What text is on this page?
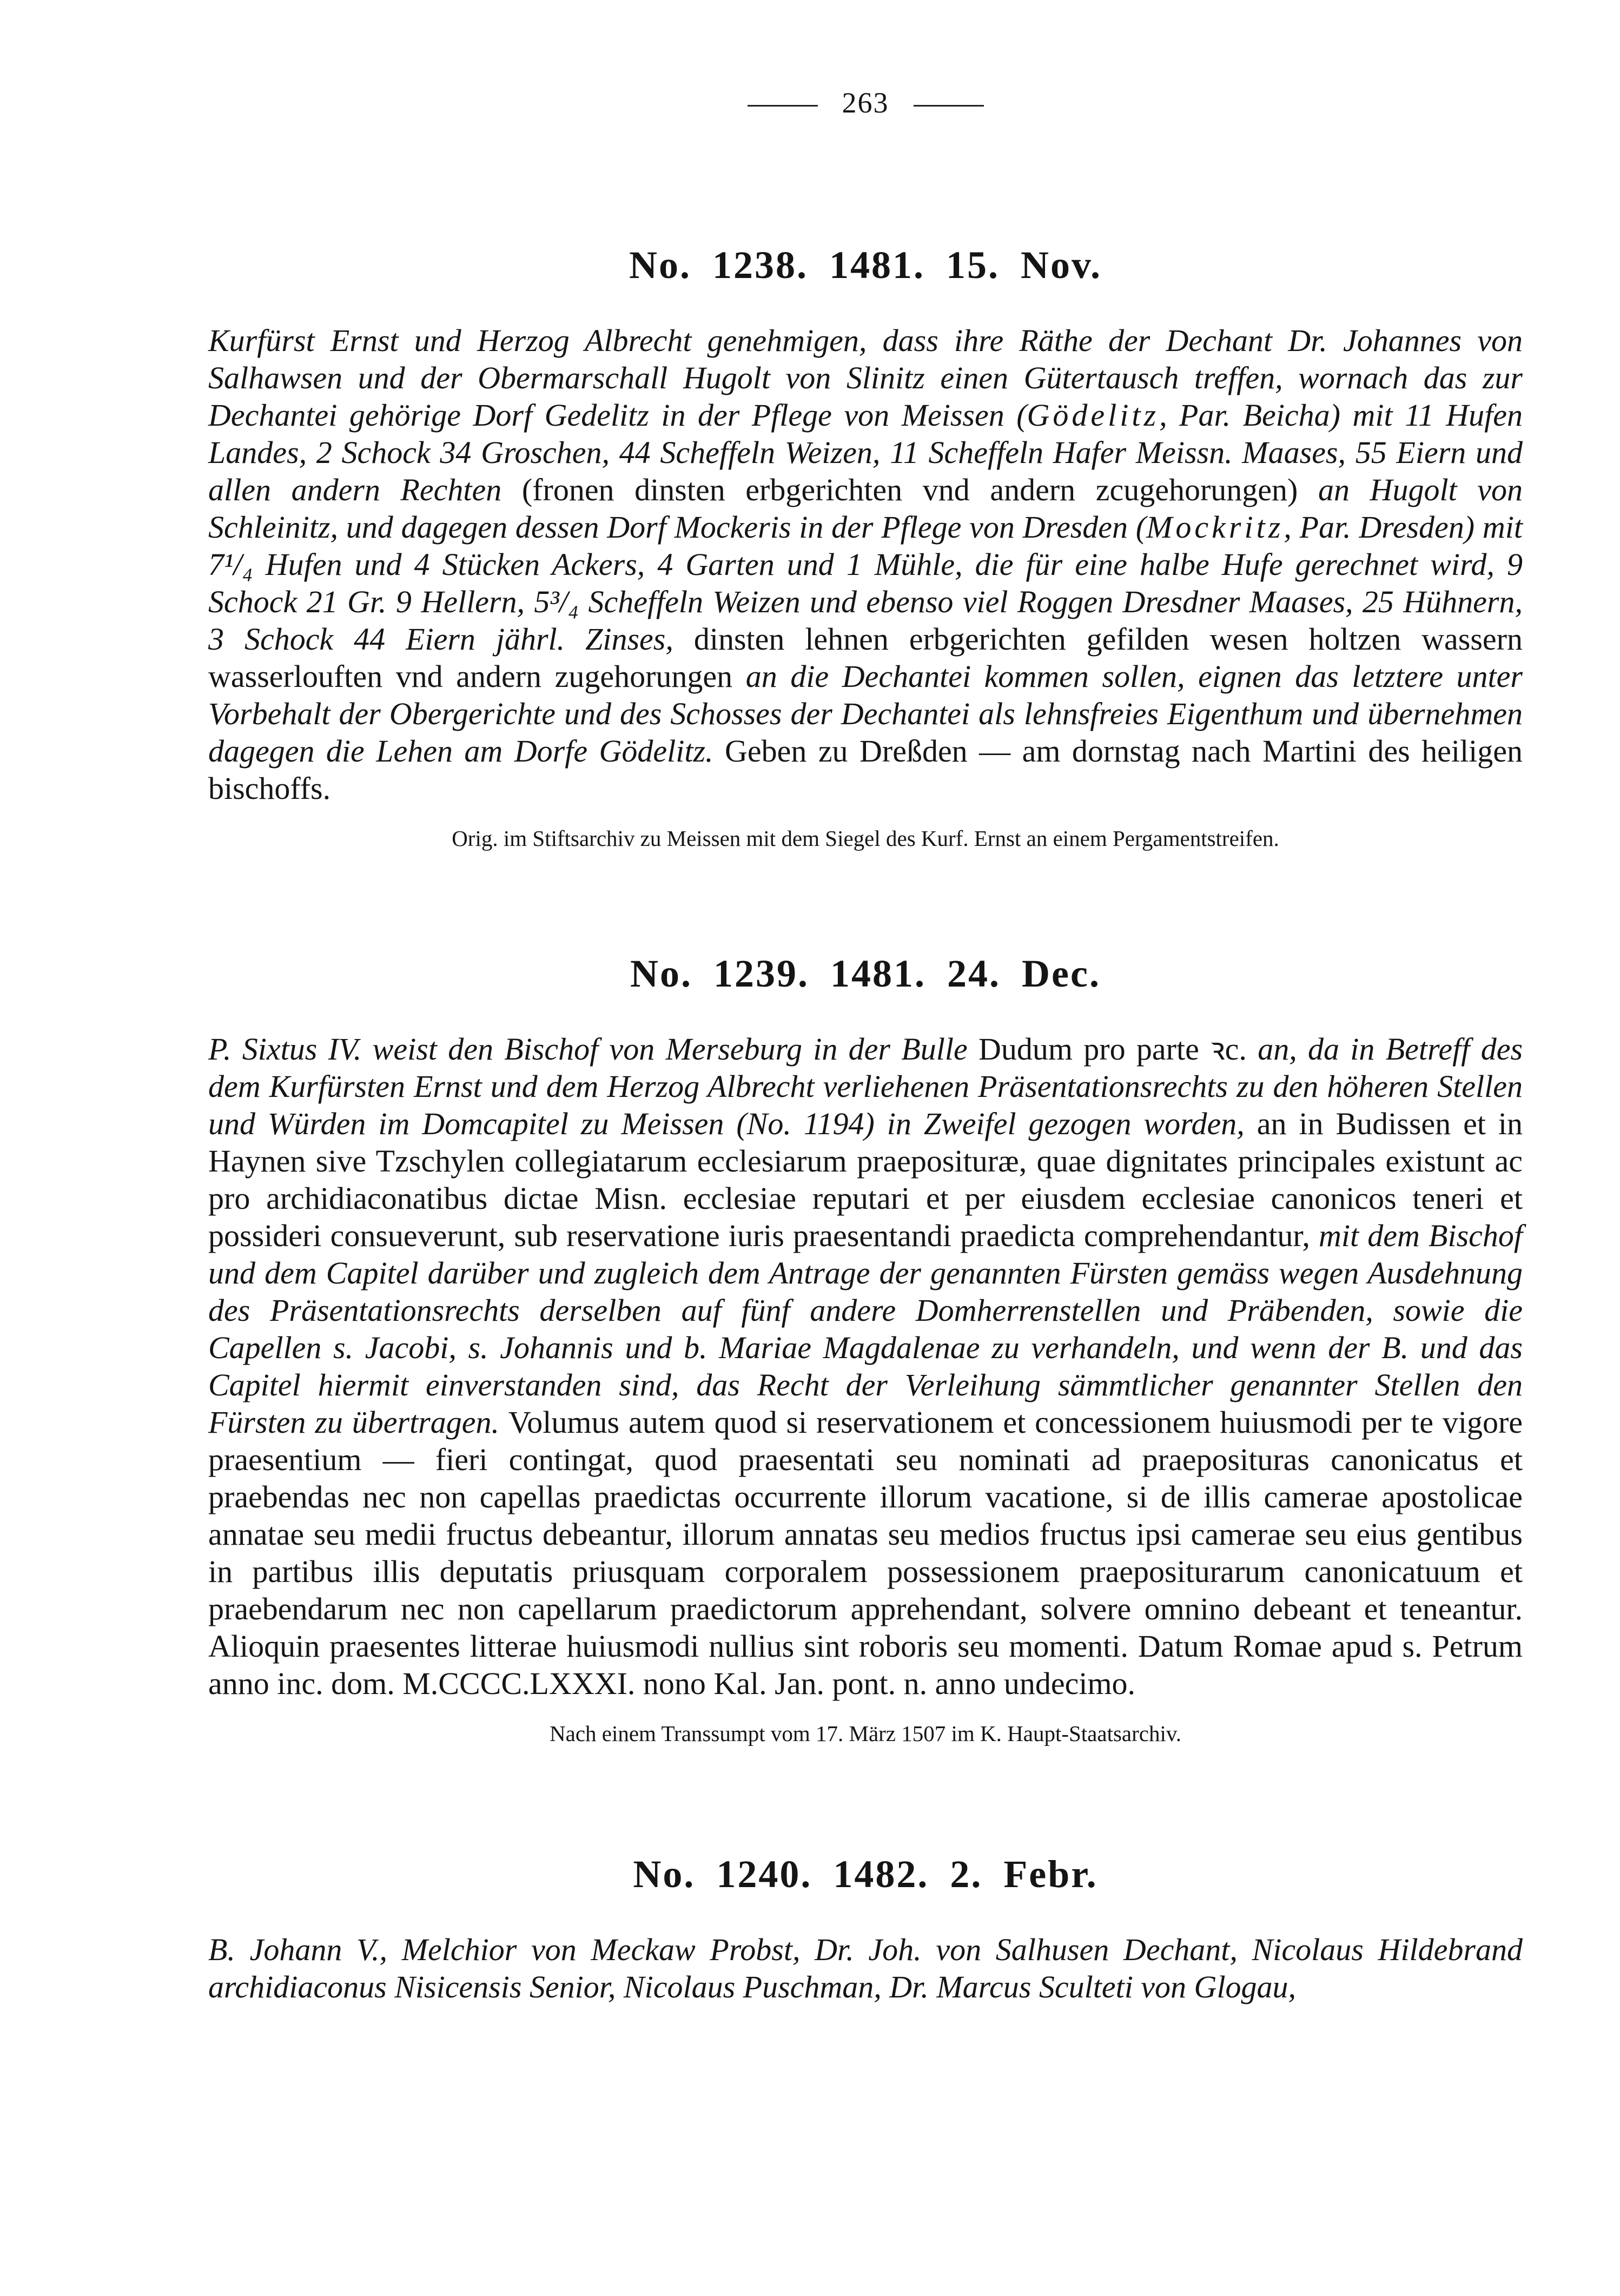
263
No. 1238. 1481. 15. Nov.

Kurfürst Ernst und Herzog Albrecht genehmigen, dass ihre Räthe der Dechant Dr. Johannes von Salhawsen und der Obermarschall Hugolt von Slinitz einen Gütertausch treffen, wornach das zur Dechantei gehörige Dorf Gedelitz in der Pflege von Meissen (Gödelitz, Par. Beicha) mit 11 Hufen Landes, 2 Schock 34 Groschen, 44 Scheffeln Weizen, 11 Scheffeln Hafer Meissn. Maases, 55 Eiern und allen andern Rechten (fronen dinsten erbgerichten vnd andern zcugehorungen) an Hugolt von Schleinitz, und dagegen dessen Dorf Mockeris in der Pflege von Dresden (Mockritz, Par. Dresden) mit 7¹/₄ Hufen und 4 Stücken Ackers, 4 Garten und 1 Mühle, die für eine halbe Hufe gerechnet wird, 9 Schock 21 Gr. 9 Hellern, 5³/₄ Scheffeln Weizen und ebenso viel Roggen Dresdner Maases, 25 Hühnern, 3 Schock 44 Eiern jährl. Zinses, dinsten lehnen erbgerichten gefilden wesen holtzen wassern wasserlouften vnd andern zugehorungen an die Dechantei kommen sollen, eignen das letztere unter Vorbehalt der Obergerichte und des Schosses der Dechantei als lehnsfreies Eigenthum und übernehmen dagegen die Lehen am Dorfe Gödelitz. Geben zu Dreßden — am dornstag nach Martini des heiligen bischoffs.

Orig. im Stiftsarchiv zu Meissen mit dem Siegel des Kurf. Ernst an einem Pergamentstreifen.

No. 1239. 1481. 24. Dec.

P. Sixtus IV. weist den Bischof von Merseburg in der Bulle Dudum pro parte ꝛc. an, da in Betreff des dem Kurfürsten Ernst und dem Herzog Albrecht verliehenen Präsentationsrechts zu den höheren Stellen und Würden im Domcapitel zu Meissen (No. 1194) in Zweifel gezogen worden, an in Budissen et in Haynen sive Tzschylen collegiatarum ecclesiarum praeposituræ, quae dignitates principales existunt ac pro archidiaconatibus dictae Misn. ecclesiae reputari et per eiusdem ecclesiae canonicos teneri et possideri consueverunt, sub reservatione iuris praesentandi praedicta comprehendantur, mit dem Bischof und dem Capitel darüber und zugleich dem Antrage der genannten Fürsten gemäss wegen Ausdehnung des Präsentationsrechts derselben auf fünf andere Domherrenstellen und Präbenden, sowie die Capellen s. Jacobi, s. Johannis und b. Mariae Magdalenae zu verhandeln, und wenn der B. und das Capitel hiermit einverstanden sind, das Recht der Verleihung sämmtlicher genannter Stellen den Fürsten zu übertragen. Volumus autem quod si reservationem et concessionem huiusmodi per te vigore praesentium — fieri contingat, quod praesentati seu nominati ad praeposituras canonicatus et praebendas nec non capellas praedictas occurrente illorum vacatione, si de illis camerae apostolicae annatae seu medii fructus debeantur, illorum annatas seu medios fructus ipsi camerae seu eius gentibus in partibus illis deputatis priusquam corporalem possessionem praepositurarum canonicatuum et praebendarum nec non capellarum praedictorum apprehendant, solvere omnino debeant et teneantur. Alioquin praesentes litterae huiusmodi nullius sint roboris seu momenti. Datum Romae apud s. Petrum anno inc. dom. M.CCCC.LXXXI. nono Kal. Jan. pont. n. anno undecimo.

Nach einem Transsumpt vom 17. März 1507 im K. Haupt-Staatsarchiv.

No. 1240. 1482. 2. Febr.

B. Johann V., Melchior von Meckaw Probst, Dr. Joh. von Salhusen Dechant, Nicolaus Hildebrand archidiaconus Nisicensis Senior, Nicolaus Puschman, Dr. Marcus Sculteti von Glogau,
